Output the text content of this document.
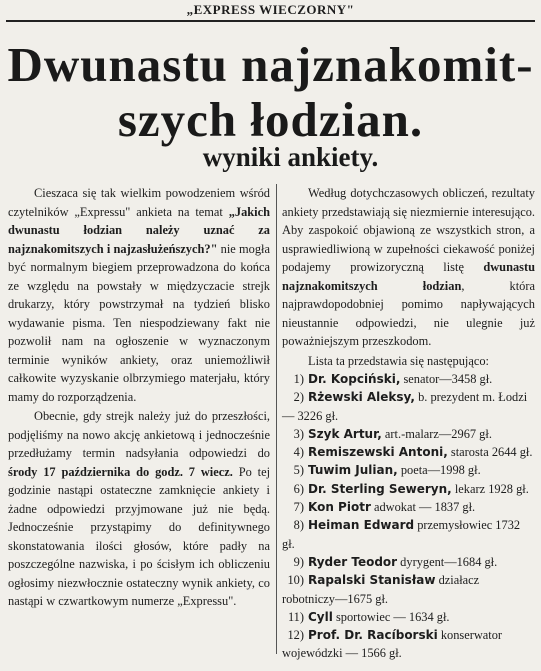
„EXPRESS WIECZORNY"
Dwunastu najznakomit-
szych łodzian.
wyniki ankiety.

Cieszaca się tak wielkim powodzeniem wśród czytelników „Expressu" ankieta na temat „Jakich dwunastu łodzian należy uznać za najznakomitszych i najzasłużeńszych?" nie mogła być normalnym biegiem przeprowadzona do końca ze względu na powstały w międzyczacie strejk drukarzy, który powstrzymał na tydzień blisko wydawanie pisma. Ten niespodziewany fakt nie pozwolił nam na ogłoszenie w wyznaczonym terminie wyników ankiety, oraz uniemożliwił całkowite wyzyskanie olbrzymiego materjału, który mamy do rozporządzenia.

Obecnie, gdy strejk należy już do przeszłości, podjęliśmy na nowo akcję ankietową i jednocześnie przedłużamy termin nadsyłania odpowiedzi do środy 17 października do godz. 7 wiecz. Po tej godzinie nastąpi ostateczne zamknięcie ankiety i żadne odpowiedzi przyjmowane już nie będą. Jednocześnie przystąpimy do definitywnego skonstatowania ilości głosów, które padły na poszczególne nazwiska, i po ścisłym ich obliczeniu ogłosimy niezwłocznie ostateczny wynik ankiety, co nastąpi w czwartkowym numerze „Expressu".

Według dotychczasowych obliczeń, rezultaty ankiety przedstawiają się niezmiernie interesująco. Aby zaspokoić objawioną ze wszystkich stron, a usprawiedliwioną w zupełności ciekawość poniżej podajemy prowizoryczną listę dwunastu najznakomitszych łodzian, która najprawdopodobniej pomimo napływających nieustannie odpowiedzi, nie ulegnie już poważniejszym przeszkodom.

Lista ta przedstawia się następująco:

1) Dr. Kopciński, senator—3458 gł.
2) Rżewski Aleksy, b. prezydent m. Łodzi — 3226 gł.
3) Szyk Artur, art.-malarz—2967 gł.
4) Remiszewski Antoni, starosta 2644 gł.
5) Tuwim Julian, poeta—1998 gł.
6) Dr. Sterling Seweryn, lekarz 1928 gł.
7) Kon Piotr adwokat — 1837 gł.
8) Heiman Edward przemysłowiec 1732 gł.
9) Ryder Teodor dyrygent—1684 gł.
10) Rapalski Stanisław działacz robotniczy—1675 gł.
11) Cyll sportowiec — 1634 gł.
12) Prof. Dr. Racíborski konserwator wojewódzki — 1566 gł.
